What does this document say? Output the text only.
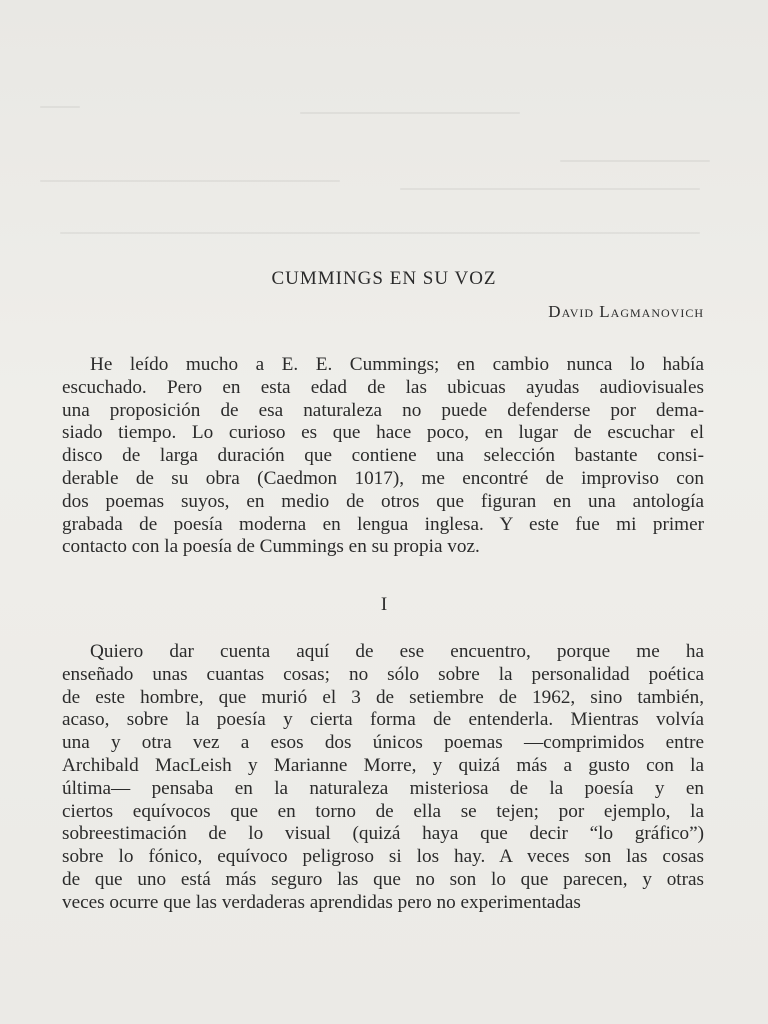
CUMMINGS EN SU VOZ
David Lagmanovich
He leído mucho a E. E. Cummings; en cambio nunca lo había
escuchado. Pero en esta edad de las ubicuas ayudas audiovisuales
una proposición de esa naturaleza no puede defenderse por dema-
siado tiempo. Lo curioso es que hace poco, en lugar de escuchar el
disco de larga duración que contiene una selección bastante consi-
derable de su obra (Caedmon 1017), me encontré de improviso con
dos poemas suyos, en medio de otros que figuran en una antología
grabada de poesía moderna en lengua inglesa. Y este fue mi primer
contacto con la poesía de Cummings en su propia voz.
I
Quiero dar cuenta aquí de ese encuentro, porque me ha
enseñado unas cuantas cosas; no sólo sobre la personalidad poética
de este hombre, que murió el 3 de setiembre de 1962, sino también,
acaso, sobre la poesía y cierta forma de entenderla. Mientras volvía
una y otra vez a esos dos únicos poemas —comprimidos entre
Archibald MacLeish y Marianne Morre, y quizá más a gusto con la
última— pensaba en la naturaleza misteriosa de la poesía y en
ciertos equívocos que en torno de ella se tejen; por ejemplo, la
sobreestimación de lo visual (quizá haya que decir “lo gráfico”)
sobre lo fónico, equívoco peligroso si los hay. A veces son las cosas
de que uno está más seguro las que no son lo que parecen, y otras
veces ocurre que las verdaderas aprendidas pero no experimentadas
